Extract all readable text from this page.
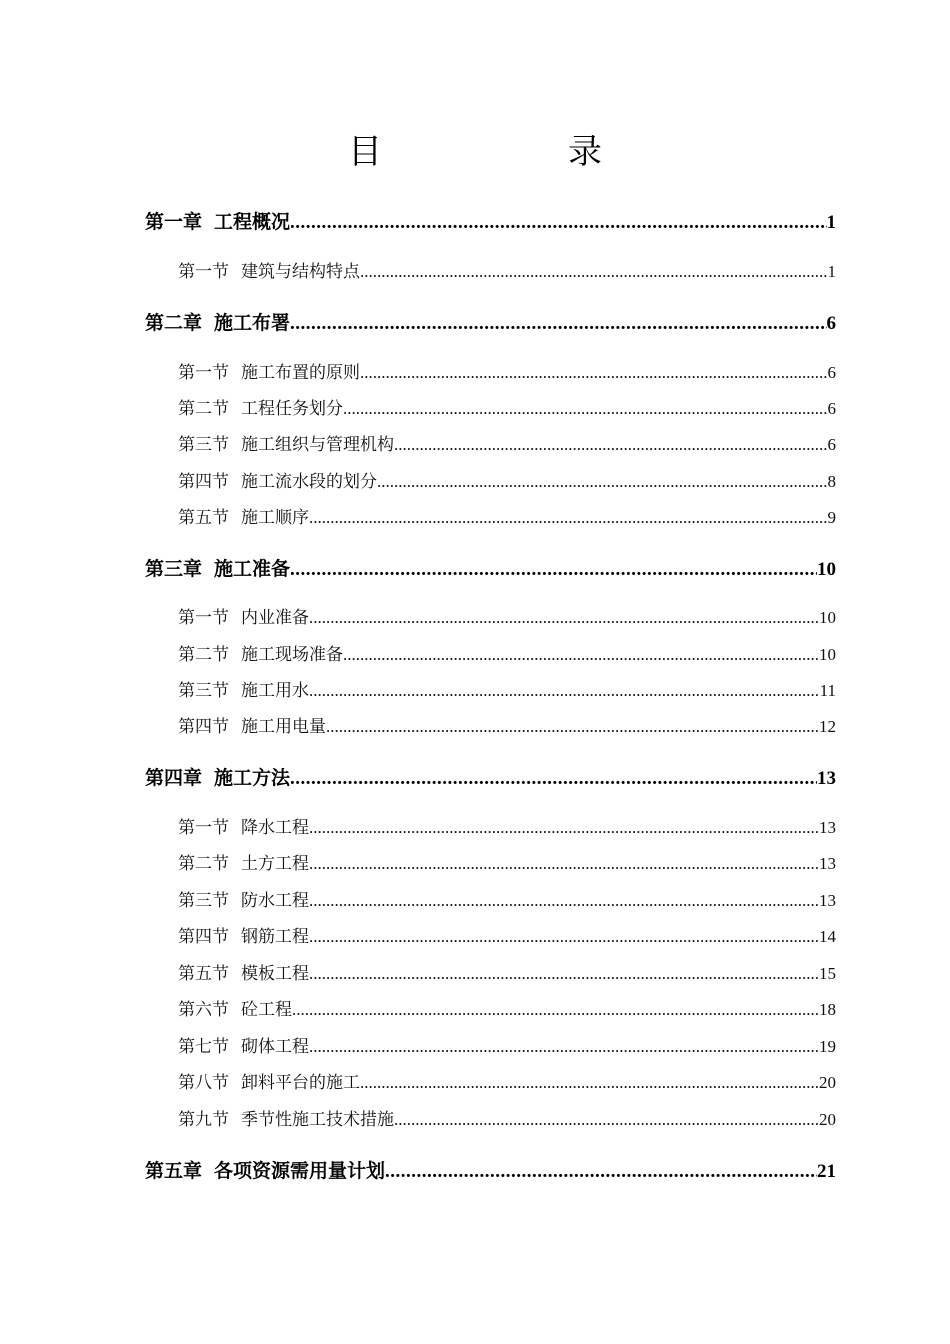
目　录
第一章 工程概况 .....	1
第一节 建筑与结构特点 .....	1
第二章 施工布署 .....	6
第一节 施工布置的原则 .....	6
第二节 工程任务划分 .....	6
第三节 施工组织与管理机构 .....	6
第四节 施工流水段的划分 .....	8
第五节 施工顺序 .....	9
第三章 施工准备 .....	10
第一节 内业准备 .....	10
第二节 施工现场准备 .....	10
第三节 施工用水 .....	11
第四节 施工用电量 .....	12
第四章 施工方法 .....	13
第一节 降水工程 .....	13
第二节 土方工程 .....	13
第三节 防水工程 .....	13
第四节 钢筋工程 .....	14
第五节 模板工程 .....	15
第六节 砼工程 .....	18
第七节 砌体工程 .....	19
第八节 卸料平台的施工 .....	20
第九节 季节性施工技术措施 .....	20
第五章 各项资源需用量计划 .....	21
